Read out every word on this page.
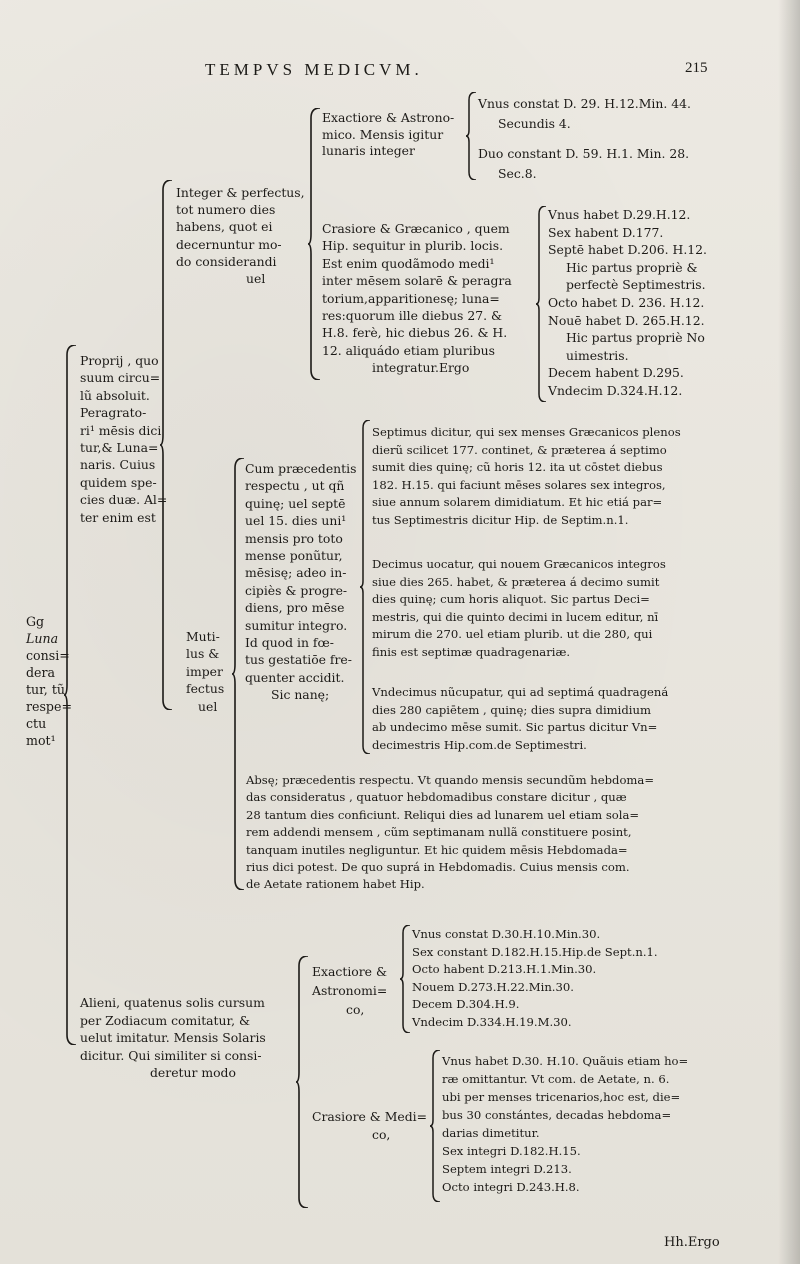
TEMPVS MEDICVM.	215
Gg
Luna
consi=
dera
tur, tũ
respe=
ctu
mot¹
Proprij , quo
suum circu=
lũ absoluit.
Peragrato-
ri¹ mēsis dici
tur,& Luna=
naris. Cuius
quidem spe-
cies duæ. Al=
ter enim est
Integer & perfectus,
tot numero dies
habens, quot ei
decernuntur mo-
do considerandi
uel
Exactiore & Astrono-
mico. Mensis igitur
lunaris integer
Vnus constat D. 29. H.12.Min. 44.
Secundis 4.
Duo constant D. 59. H.1. Min. 28.
Sec.8.
Crasiore & Græcanico , quem
Hip. sequitur in plurib. locis.
Est enim quodãmodo medi¹
inter mēsem solarē & peragra
torium,apparitionesę; luna=
res:quorum ille diebus 27. &
H.8. ferè, hic diebus 26. & H.
12. aliquádo etiam pluribus
integratur.Ergo
Vnus habet D.29.H.12.
Sex habent D.177.
Septē habet D.206. H.12.
Hic partus propriè &
perfectè Septimestris.
Octo habet D. 236. H.12.
Nouē habet D. 265.H.12.
Hic partus propriè No
uimestris.
Decem habent D.295.
Vndecim D.324.H.12.
Muti-
lus &
imper
fectus
uel
Cum præcedentis
respectu , ut qñ
quinę; uel septē
uel 15. dies uni¹
mensis pro toto
mense ponũtur,
mēsisę; adeo in-
cipiès & progre-
diens, pro mēse
sumitur integro.
Id quod in fœ-
tus gestatiōe fre-
quenter accidit.
Sic nanę;
Septimus dicitur, qui sex menses Græcanicos plenos
dierũ scilicet 177. continet, & præterea á septimo
sumit dies quinę; cũ horis 12. ita ut cōstet diebus
182. H.15. qui faciunt mēses solares sex integros,
siue annum solarem dimidiatum. Et hic etiá par=
tus Septimestris dicitur Hip. de Septim.n.1.
Decimus uocatur, qui nouem Græcanicos integros
siue dies 265. habet, & præterea á decimo sumit
dies quinę; cum horis aliquot. Sic partus Deci=
mestris, qui die quinto decimi in lucem editur, nī
mirum die 270. uel etiam plurib. ut die 280, qui
finis est septimæ quadragenariæ.
Vndecimus nũcupatur, qui ad septimá quadragená
dies 280 capiētem , quinę; dies supra dimidium
ab undecimo mēse sumit. Sic partus dicitur Vn=
decimestris Hip.com.de Septimestri.
Absę; præcedentis respectu. Vt quando mensis secundũm hebdoma=
das consideratus , quatuor hebdomadibus constare dicitur , quæ
28 tantum dies conficiunt. Reliqui dies ad lunarem uel etiam sola=
rem addendi mensem , cũm septimanam nullã constituere posint,
tanquam inutiles negliguntur. Et hic quidem mēsis Hebdomada=
rius dici potest. De quo suprá in Hebdomadis. Cuius mensis com.
de Aetate rationem habet Hip.
Alieni, quatenus solis cursum
per Zodiacum comitatur, &
uelut imitatur. Mensis Solaris
dicitur. Qui similiter si consi-
deretur modo
Exactiore &
Astronomi=
co,
Vnus constat D.30.H.10.Min.30.
Sex constant D.182.H.15.Hip.de Sept.n.1.
Octo habent D.213.H.1.Min.30.
Nouem D.273.H.22.Min.30.
Decem D.304.H.9.
Vndecim D.334.H.19.M.30.
Crasiore & Medi=
co,
Vnus habet D.30. H.10. Quãuis etiam ho=
ræ omittantur. Vt com. de Aetate, n. 6.
ubi per menses tricenarios,hoc est, die=
bus 30 constántes, decadas hebdoma=
darias dimetitur.
Sex integri D.182.H.15.
Septem integri D.213.
Octo integri D.243.H.8.
Hh.Ergo
